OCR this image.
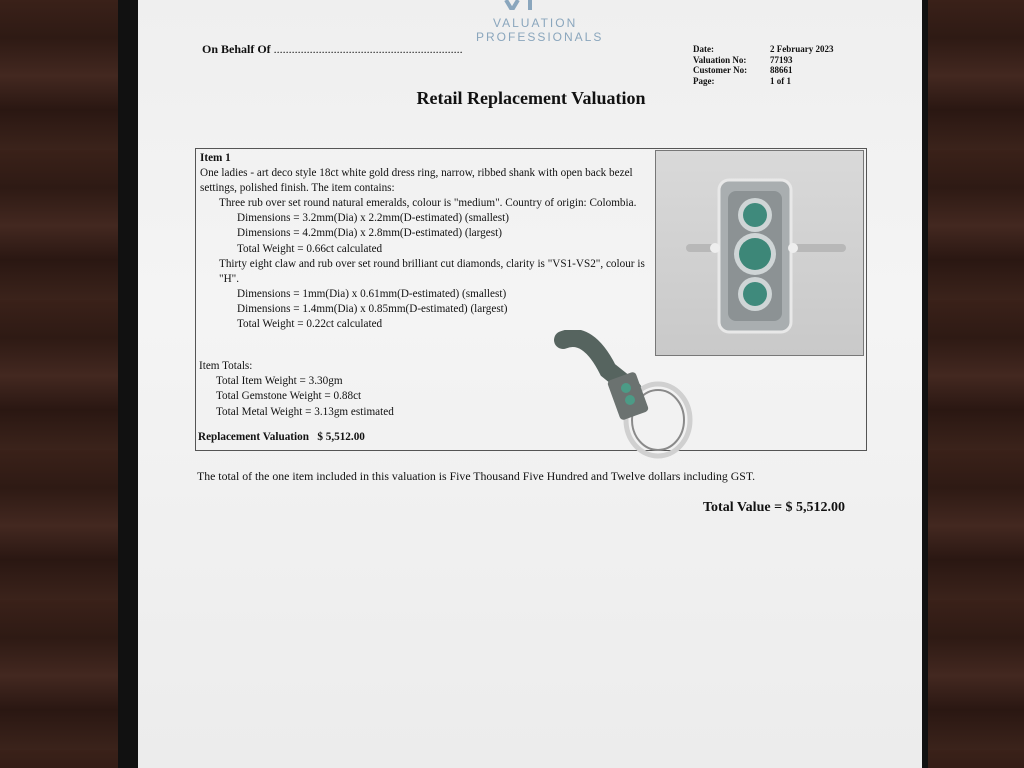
VALUATION
PROFESSIONALS
On Behalf Of ...............................................................	Date:	2 February 2023
Valuation No:	77193
Customer No:	88661
Page:	1 of 1
Retail Replacement Valuation
Item 1
One ladies - art deco style 18ct white gold dress ring, narrow, ribbed shank with open back bezel settings, polished finish. The item contains:
Three rub over set round natural emeralds, colour is "medium". Country of origin: Colombia.
Dimensions = 3.2mm(Dia) x 2.2mm(D-estimated) (smallest)
Dimensions = 4.2mm(Dia) x 2.8mm(D-estimated) (largest)
Total Weight = 0.66ct calculated
Thirty eight claw and rub over set round brilliant cut diamonds, clarity is "VS1-VS2", colour is "H".
Dimensions = 1mm(Dia) x 0.61mm(D-estimated) (smallest)
Dimensions = 1.4mm(Dia) x 0.85mm(D-estimated) (largest)
Total Weight = 0.22ct calculated
Item Totals:
Total Item Weight = 3.30gm
Total Gemstone Weight = 0.88ct
Total Metal Weight = 3.13gm estimated
Replacement Valuation   $ 5,512.00
The total of the one item included in this valuation is Five Thousand Five Hundred and Twelve dollars including GST.
Total Value = $ 5,512.00
